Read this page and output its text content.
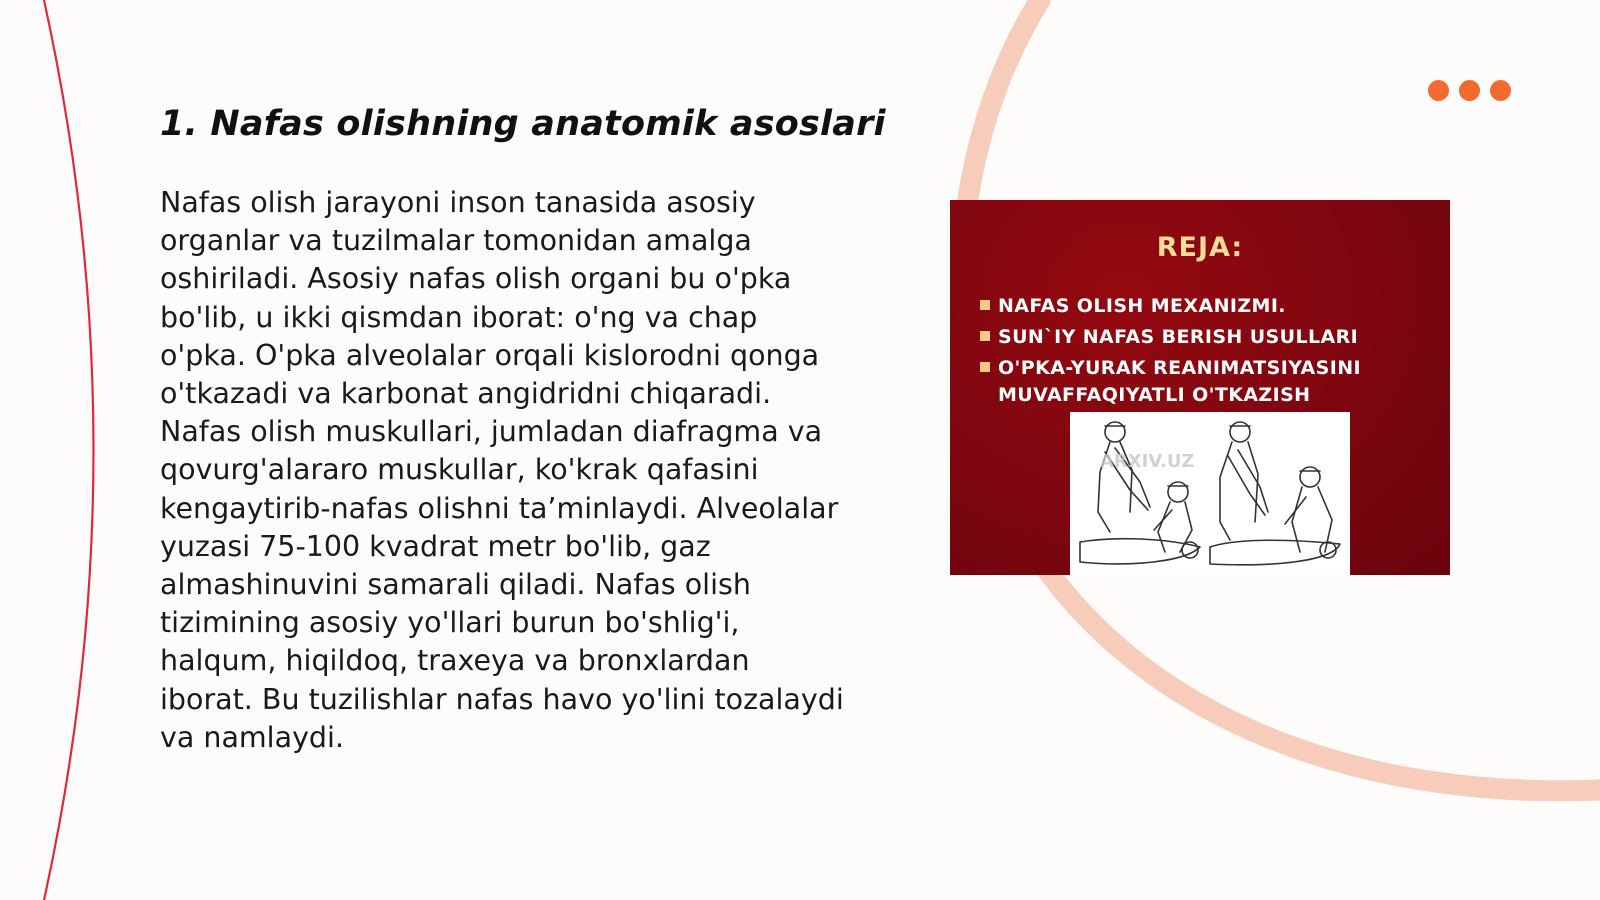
1. Nafas olishning anatomik asoslari

Nafas olish jarayoni inson tanasida asosiy organlar va tuzilmalar tomonidan amalga oshiriladi. Asosiy nafas olish organi bu o'pka bo'lib, u ikki qismdan iborat: o'ng va chap o'pka. O'pka alveolalar orqali kislorodni qonga o'tkazadi va karbonat angidridni chiqaradi. Nafas olish muskullari, jumladan diafragma va qovurg'alararo muskullar, ko'krak qafasini kengaytirib-nafas olishni ta’minlaydi. Alveolalar yuzasi 75-100 kvadrat metr bo'lib, gaz almashinuvini samarali qiladi. Nafas olish tizimining asosiy yo'llari burun bo'shlig'i, halqum, hiqildoq, traxeya va bronxlardan iborat. Bu tuzilishlar nafas havo yo'lini tozalaydi va namlaydi.

REJA:
NAFAS OLISH MEXANIZMI.
SUN`IY NAFAS BERISH USULLARI
O'PKA-YURAK REANIMATSIYASINI MUVAFFAQIYATLI O'TKAZISH
ARXIV.UZ
